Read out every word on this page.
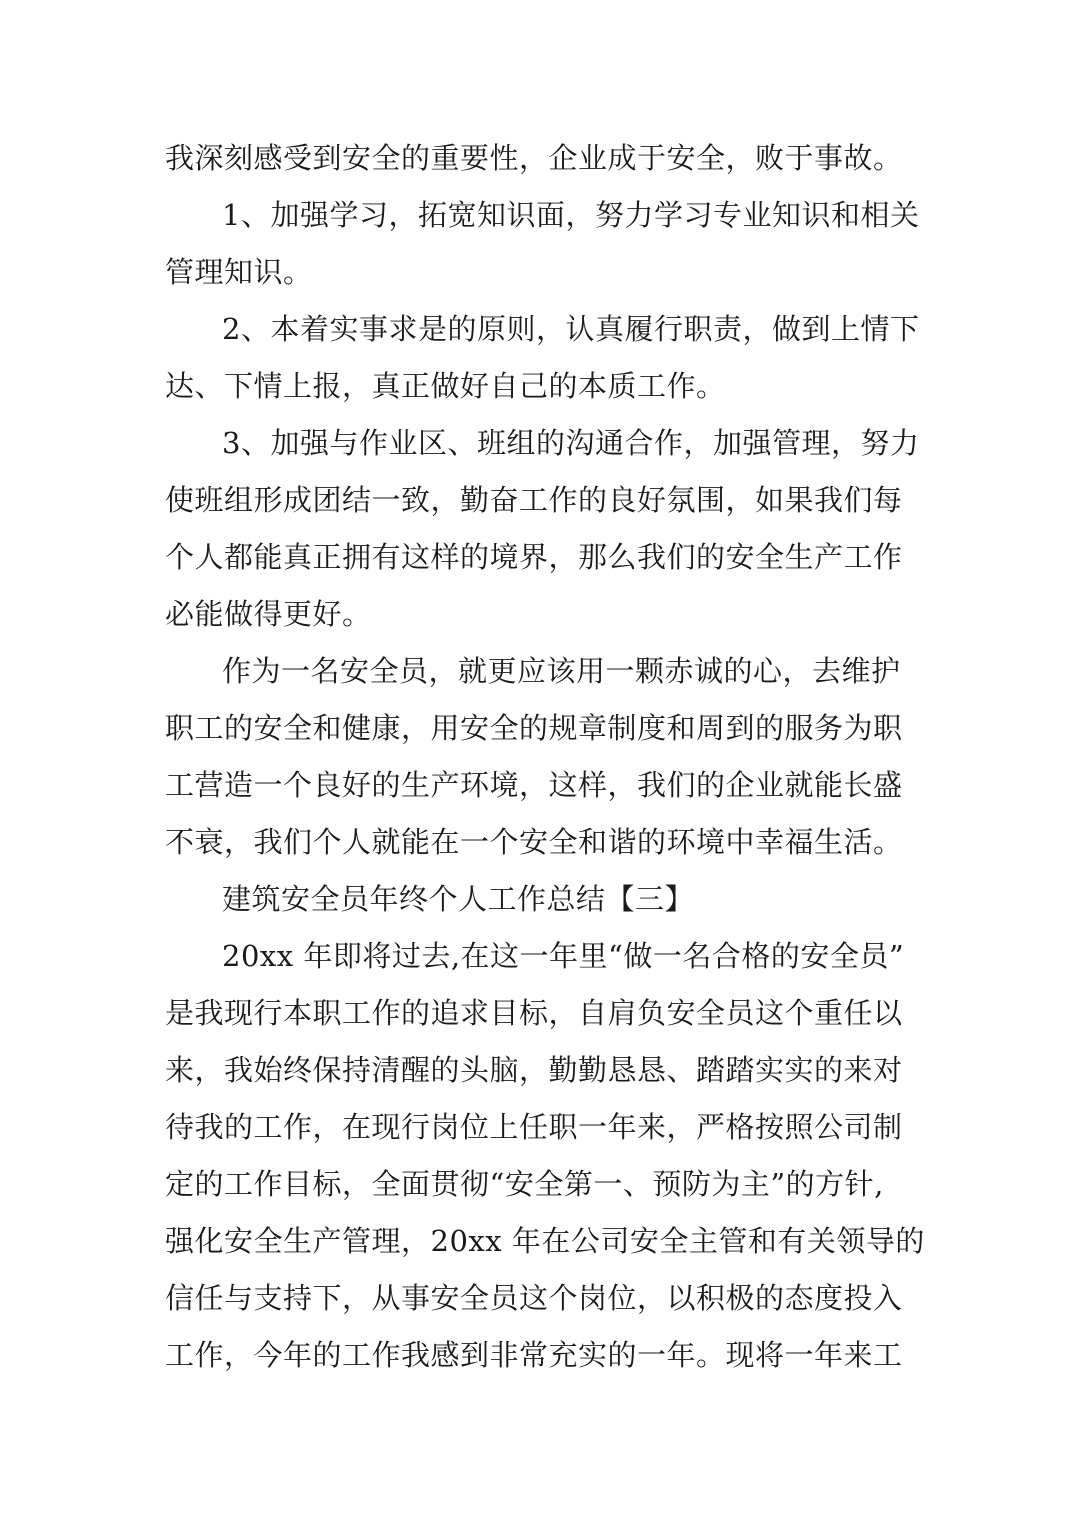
我深刻感受到安全的重要性，企业成于安全，败于事故。
1、加强学习，拓宽知识面，努力学习专业知识和相关
管理知识。
2、本着实事求是的原则，认真履行职责，做到上情下
达、下情上报，真正做好自己的本质工作。
3、加强与作业区、班组的沟通合作，加强管理，努力
使班组形成团结一致，勤奋工作的良好氛围，如果我们每
个人都能真正拥有这样的境界，那么我们的安全生产工作
必能做得更好。
作为一名安全员，就更应该用一颗赤诚的心，去维护
职工的安全和健康，用安全的规章制度和周到的服务为职
工营造一个良好的生产环境，这样，我们的企业就能长盛
不衰，我们个人就能在一个安全和谐的环境中幸福生活。
建筑安全员年终个人工作总结【三】
20xx 年即将过去,在这一年里“做一名合格的安全员”
是我现行本职工作的追求目标，自肩负安全员这个重任以
来，我始终保持清醒的头脑，勤勤恳恳、踏踏实实的来对
待我的工作，在现行岗位上任职一年来，严格按照公司制
定的工作目标，全面贯彻“安全第一、预防为主”的方针,
强化安全生产管理，20xx 年在公司安全主管和有关领导的
信任与支持下，从事安全员这个岗位，以积极的态度投入
工作，今年的工作我感到非常充实的一年。现将一年来工
